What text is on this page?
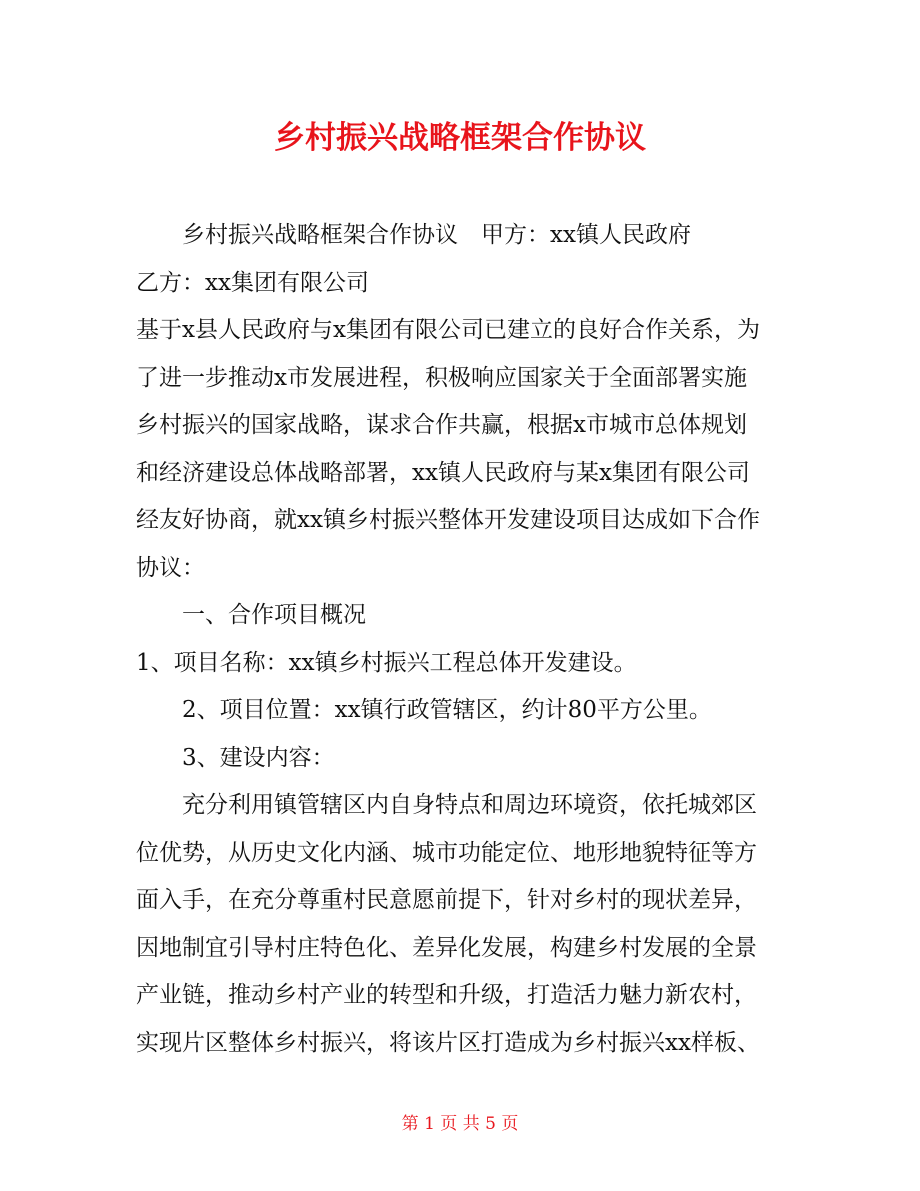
乡村振兴战略框架合作协议

乡村振兴战略框架合作协议　甲方：xx镇人民政府

乙方：xx集团有限公司

基于x县人民政府与x集团有限公司已建立的良好合作关系，为
了进一步推动x市发展进程，积极响应国家关于全面部署实施
乡村振兴的国家战略，谋求合作共赢，根据x市城市总体规划
和经济建设总体战略部署，xx镇人民政府与某x集团有限公司
经友好协商，就xx镇乡村振兴整体开发建设项目达成如下合作
协议：

一、合作项目概况

1、项目名称：xx镇乡村振兴工程总体开发建设。

2、项目位置：xx镇行政管辖区，约计80平方公里。

3、建设内容：

充分利用镇管辖区内自身特点和周边环境资，依托城郊区
位优势，从历史文化内涵、城市功能定位、地形地貌特征等方
面入手，在充分尊重村民意愿前提下，针对乡村的现状差异，
因地制宜引导村庄特色化、差异化发展，构建乡村发展的全景
产业链，推动乡村产业的转型和升级，打造活力魅力新农村，
实现片区整体乡村振兴，将该片区打造成为乡村振兴xx样板、

第 1 页 共 5 页
